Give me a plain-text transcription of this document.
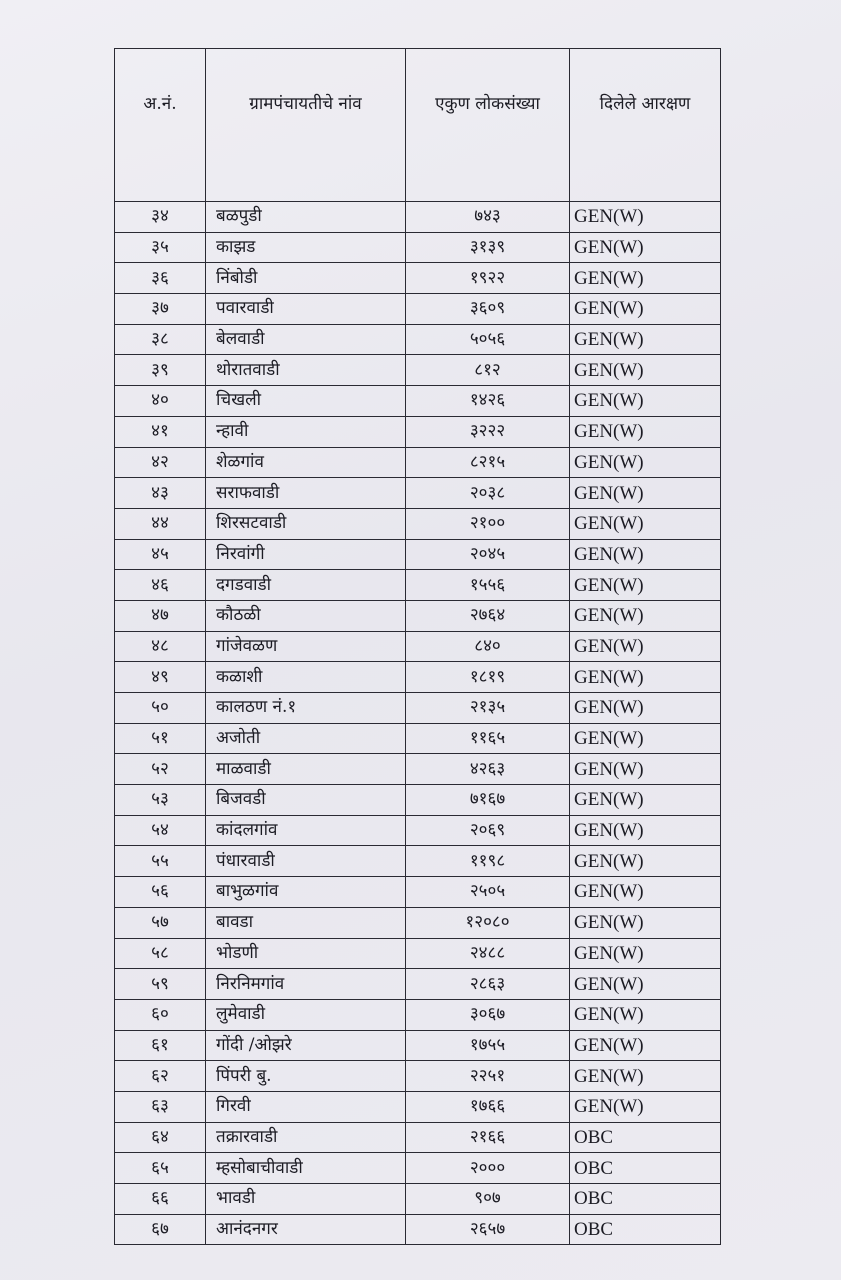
अ.नं.	ग्रामपंचायतीचे नांव	एकुण लोकसंख्या	दिलेले आरक्षण
३४	बळपुडी	७४३	GEN(W)
३५	काझड	३१३९	GEN(W)
३६	निंबोडी	१९२२	GEN(W)
३७	पवारवाडी	३६०९	GEN(W)
३८	बेलवाडी	५०५६	GEN(W)
३९	थोरातवाडी	८१२	GEN(W)
४०	चिखली	१४२६	GEN(W)
४१	न्हावी	३२२२	GEN(W)
४२	शेळगांव	८२१५	GEN(W)
४३	सराफवाडी	२०३८	GEN(W)
४४	शिरसटवाडी	२१००	GEN(W)
४५	निरवांगी	२०४५	GEN(W)
४६	दगडवाडी	१५५६	GEN(W)
४७	कौठळी	२७६४	GEN(W)
४८	गांजेवळण	८४०	GEN(W)
४९	कळाशी	१८१९	GEN(W)
५०	कालठण नं.१	२१३५	GEN(W)
५१	अजोती	११६५	GEN(W)
५२	माळवाडी	४२६३	GEN(W)
५३	बिजवडी	७१६७	GEN(W)
५४	कांदलगांव	२०६९	GEN(W)
५५	पंधारवाडी	११९८	GEN(W)
५६	बाभुळगांव	२५०५	GEN(W)
५७	बावडा	१२०८०	GEN(W)
५८	भोडणी	२४८८	GEN(W)
५९	निरनिमगांव	२८६३	GEN(W)
६०	लुमेवाडी	३०६७	GEN(W)
६१	गोंदी /ओझरे	१७५५	GEN(W)
६२	पिंपरी बु.	२२५१	GEN(W)
६३	गिरवी	१७६६	GEN(W)
६४	तक्रारवाडी	२१६६	OBC
६५	म्हसोबाचीवाडी	२०००	OBC
६६	भावडी	९०७	OBC
६७	आनंदनगर	२६५७	OBC
